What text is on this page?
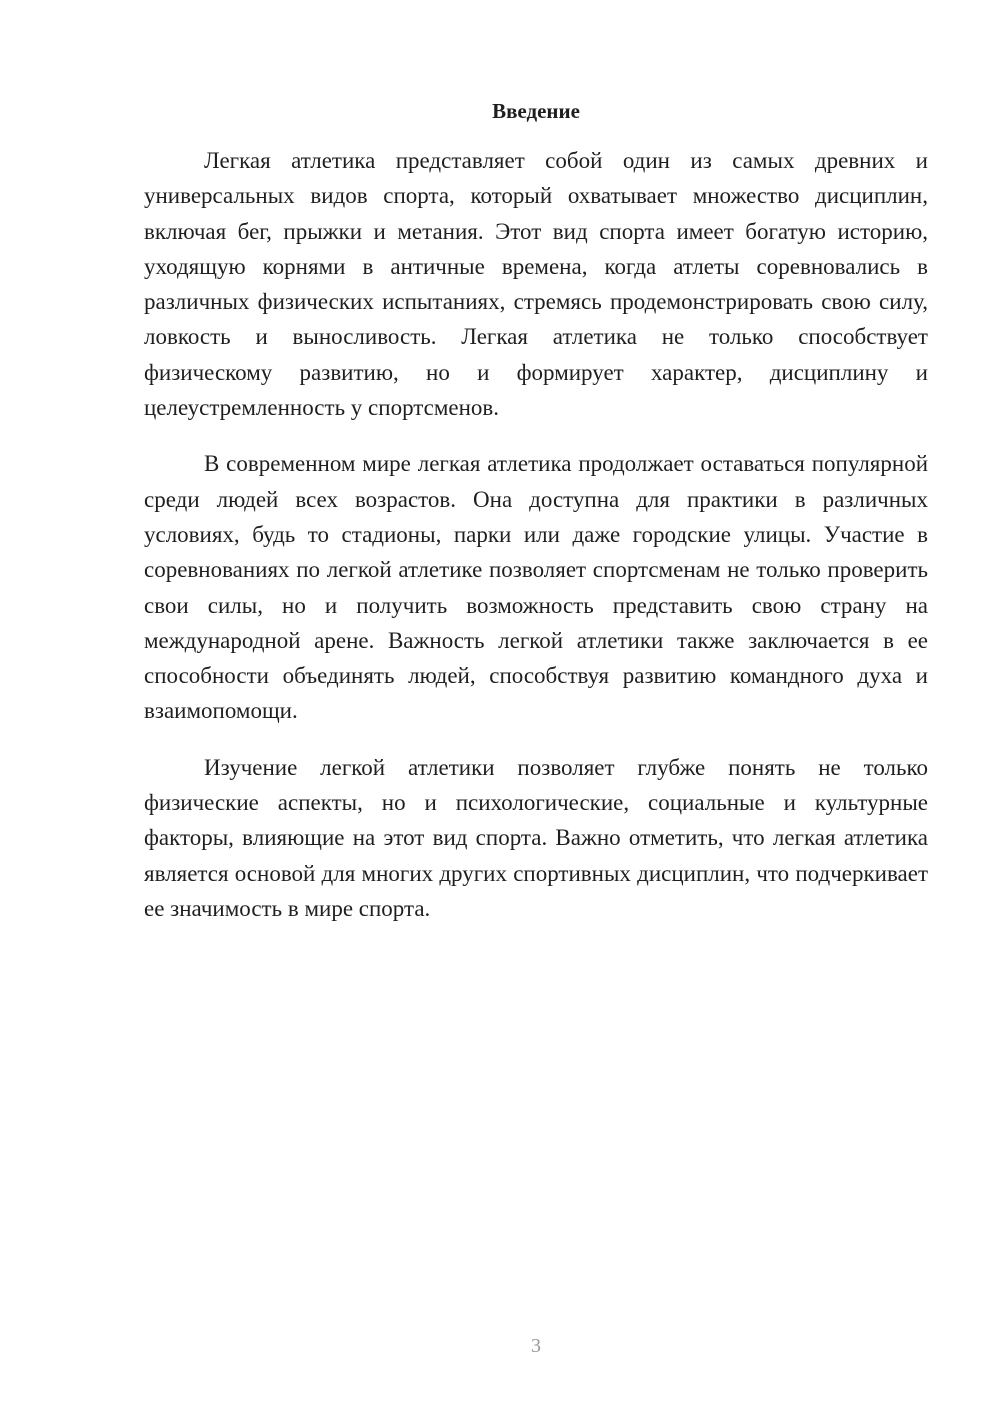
Введение

Легкая атлетика представляет собой один из самых древних и универсальных видов спорта, который охватывает множество дисциплин, включая бег, прыжки и метания. Этот вид спорта имеет богатую историю, уходящую корнями в античные времена, когда атлеты соревновались в различных физических испытаниях, стремясь продемонстрировать свою силу, ловкость и выносливость. Легкая атлетика не только способствует физическому развитию, но и формирует характер, дисциплину и целеустремленность у спортсменов.

В современном мире легкая атлетика продолжает оставаться популярной среди людей всех возрастов. Она доступна для практики в различных условиях, будь то стадионы, парки или даже городские улицы. Участие в соревнованиях по легкой атлетике позволяет спортсменам не только проверить свои силы, но и получить возможность представить свою страну на международной арене. Важность легкой атлетики также заключается в ее способности объединять людей, способствуя развитию командного духа и взаимопомощи.

Изучение легкой атлетики позволяет глубже понять не только физические аспекты, но и психологические, социальные и культурные факторы, влияющие на этот вид спорта. Важно отметить, что легкая атлетика является основой для многих других спортивных дисциплин, что подчеркивает ее значимость в мире спорта.

3
